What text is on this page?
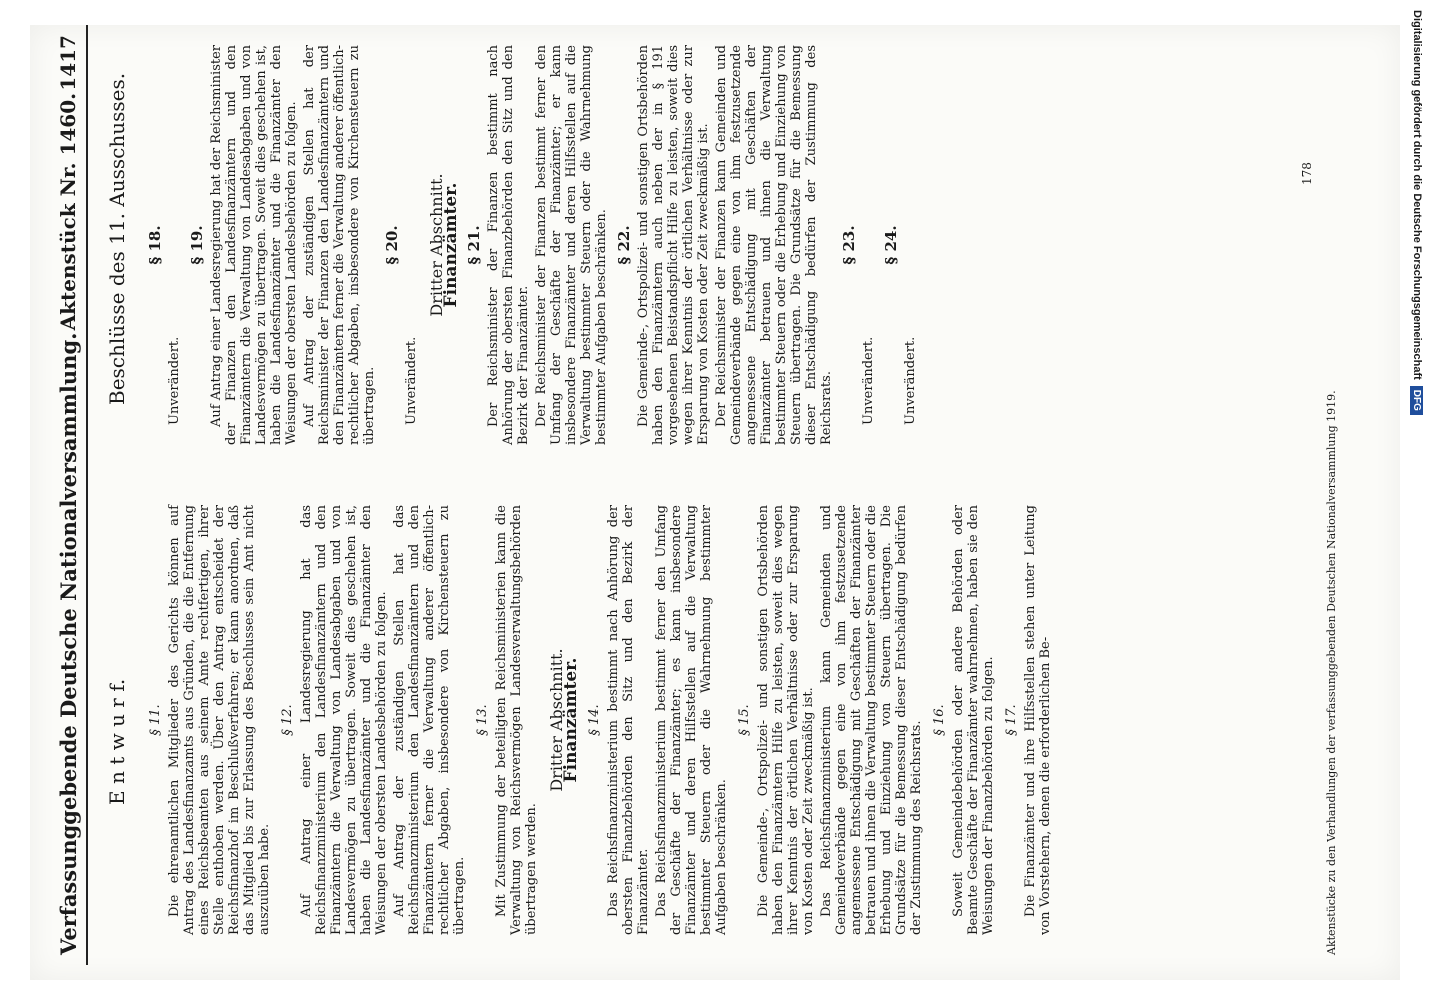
Verfassunggebende Deutsche Nationalversammlung.
Aktenstück Nr. 1460.
1417
E n t w u r f.
Beschlüsse des 11. Ausschusses.
§ 11. Die ehrenamtlichen Mitglieder des Gerichts können auf Antrag des Landesfinanzamts aus Gründen, die die Entfernung eines Reichsbeamten aus seinem Amte rechtfertigen, ihrer Stelle enthoben werden. Über den Antrag entscheidet der Reichsfinanzhof im Beschlußverfahren; er kann anordnen, daß das Mitglied bis zur Erlassung des Beschlusses sein Amt nicht auszuüben habe.
§ 12. Auf Antrag einer Landesregierung hat das Reichsfinanzministerium den Landesfinanzämtern und den Finanzämtern die Verwaltung von Landesabgaben und von Landesvermögen zu übertragen. Soweit dies geschehen ist, haben die Landesfinanzämter und die Finanzämter den Weisungen der obersten Landesbehörden zu folgen. Auf Antrag der zuständigen Stellen hat das Reichsfinanzministerium den Landesfinanzämtern und den Finanzämtern ferner die Verwaltung anderer öffentlich-rechtlicher Abgaben, insbesondere von Kirchensteuern zu übertragen.
§ 13. Mit Zustimmung der beteiligten Reichsministerien kann die Verwaltung von Reichsvermögen Landesverwaltungsbehörden übertragen werden.
Dritter Abschnitt.
Finanzämter. § 14. Das Reichsfinanzministerium bestimmt nach Anhörung der obersten Finanzbehörden den Sitz und den Bezirk der Finanzämter. Das Reichsfinanzministerium bestimmt ferner den Umfang der Geschäfte der Finanzämter; es kann insbesondere Finanzämter und deren Hilfsstellen auf die Verwaltung bestimmter Steuern oder die Wahrnehmung bestimmter Aufgaben beschränken.
§ 15. Die Gemeinde-, Ortspolizei- und sonstigen Ortsbehörden haben den Finanzämtern Hilfe zu leisten, soweit dies wegen ihrer Kenntnis der örtlichen Verhältnisse oder zur Ersparung von Kosten oder Zeit zweckmäßig ist. Das Reichsfinanzministerium kann Gemeinden und Gemeindeverbände gegen eine von ihm festzusetzende angemessene Entschädigung mit Geschäften der Finanzämter betrauen und ihnen die Verwaltung bestimmter Steuern oder die Erhebung und Einziehung von Steuern übertragen. Die Grundsätze für die Bemessung dieser Entschädigung bedürfen der Zustimmung des Reichsrats.
§ 16. Soweit Gemeindebehörden oder andere Behörden oder Beamte Geschäfte der Finanzämter wahrnehmen, haben sie den Weisungen der Finanzbehörden zu folgen. § 17. Die Finanzämter und ihre Hilfsstellen stehen unter Leitung von Vorstehern, denen die erforderlichen Be-
§ 18.
Unverändert.
§ 19. Auf Antrag einer Landesregierung hat der Reichsminister der Finanzen den Landesfinanzämtern und den Finanzämtern die Verwaltung von Landesabgaben und von Landesvermögen zu übertragen. Soweit dies geschehen ist, haben die Landesfinanzämter und die Finanzämter den Weisungen der obersten Landesbehörden zu folgen. Auf Antrag der zuständigen Stellen hat der Reichsminister der Finanzen den Landesfinanzämtern und den Finanzämtern ferner die Verwaltung anderer öffentlich-rechtlicher Abgaben, insbesondere von Kirchensteuern zu übertragen.
§ 20.
Unverändert.
Dritter Abschnitt.
Finanzämter. § 21. Der Reichsminister der Finanzen bestimmt nach Anhörung der obersten Finanzbehörden den Sitz und den Bezirk der Finanzämter. Der Reichsminister der Finanzen bestimmt ferner den Umfang der Geschäfte der Finanzämter; er kann insbesondere Finanzämter und deren Hilfsstellen auf die Verwaltung bestimmter Steuern oder die Wahrnehmung bestimmter Aufgaben beschränken. § 22. Die Gemeinde-, Ortspolizei- und sonstigen Ortsbehörden haben den Finanzämtern auch neben der in § 191 vorgesehenen Beistandspflicht Hilfe zu leisten, soweit dies wegen ihrer Kenntnis der örtlichen Verhältnisse oder zur Ersparung von Kosten oder Zeit zweckmäßig ist. Der Reichsminister der Finanzen kann Gemeinden und Gemeindeverbände gegen eine von ihm festzusetzende angemessene Entschädigung mit Geschäften der Finanzämter betrauen und ihnen die Verwaltung bestimmter Steuern oder die Erhebung und Einziehung von Steuern übertragen. Die Grundsätze für die Bemessung dieser Entschädigung bedürfen der Zustimmung des Reichsrats.
§ 23.
Unverändert.
§ 24.
Unverändert.
178
Aktenstücke zu den Verhandlungen der verfassunggebenden Deutschen Nationalversammlung 1919.
Digitalisierung gefördert durch die Deutsche Forschungsgemeinschaft
DFG
